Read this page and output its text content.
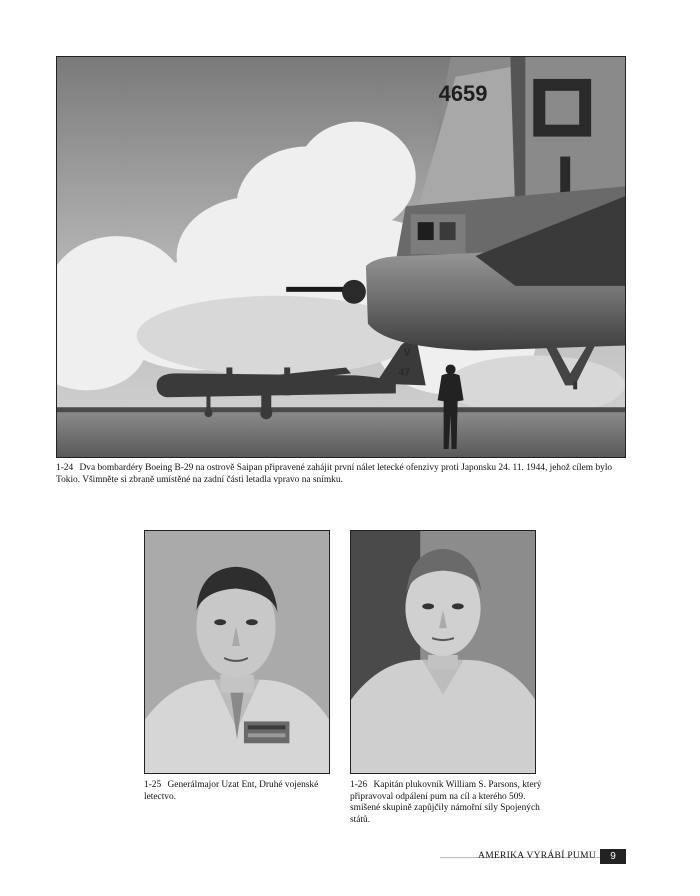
V
47
4659
1-24 Dva bombardéry Boeing B-29 na ostrově Saipan připravené zahájit první nálet letecké ofenzivy proti Japonsku 24. 11. 1944, jehož cílem bylo Tokio. Všimněte si zbraně umístěné na zadní části letadla vpravo na snímku.
1-25 Generálmajor Uzat Ent, Druhé vojenské letectvo.
1-26 Kapitán plukovník William S. Parsons, který připravoval odpálení pum na cíl a kterého 509. smíšené skupině zapůjčily námořní síly Spojených států.
AMERIKA VYRÁBÍ PUMU	9
